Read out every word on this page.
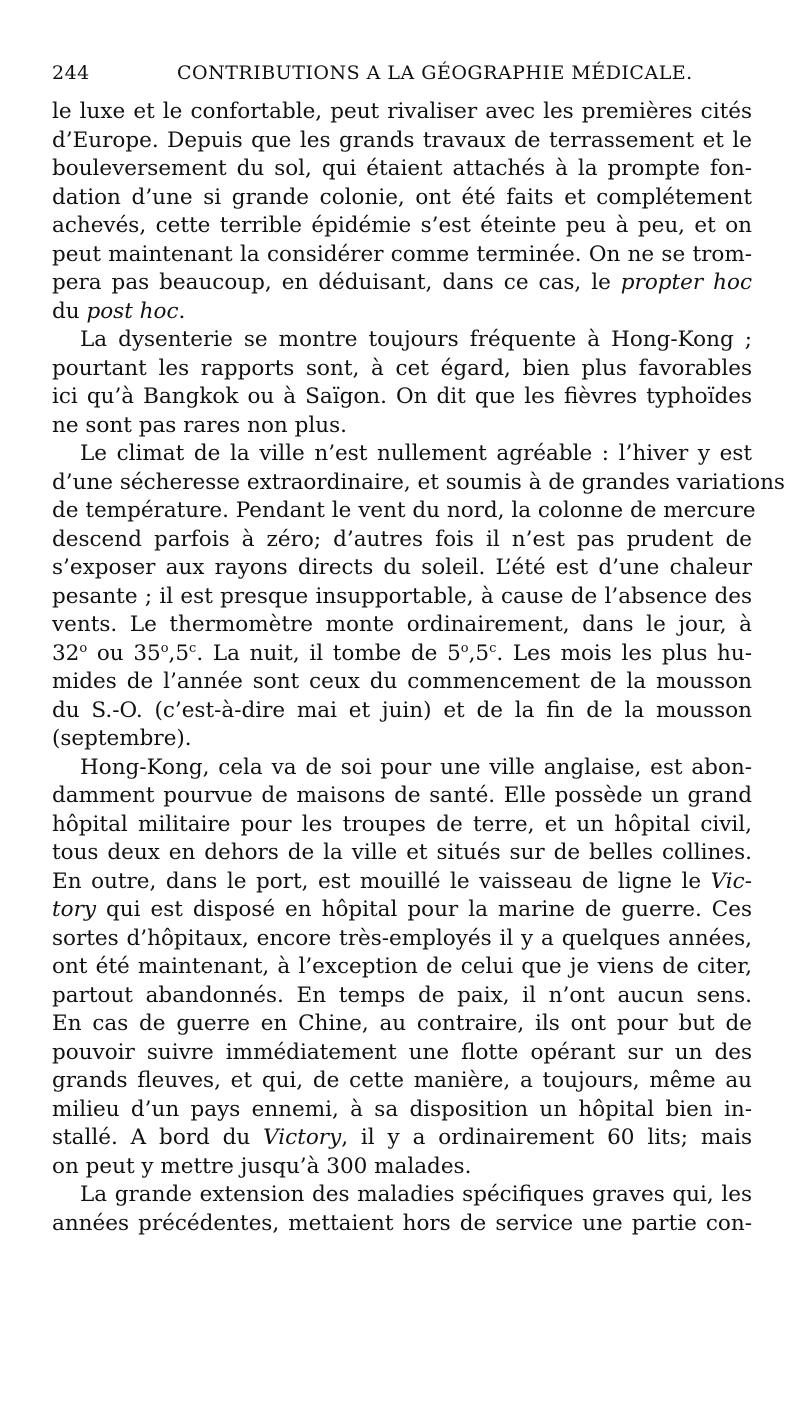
244	CONTRIBUTIONS A LA GÉOGRAPHIE MÉDICALE.
le luxe et le confortable, peut rivaliser avec les premières cités
d’Europe. Depuis que les grands travaux de terrassement et le
bouleversement du sol, qui étaient attachés à la prompte fon-
dation d’une si grande colonie, ont été faits et complétement
achevés, cette terrible épidémie s’est éteinte peu à peu, et on
peut maintenant la considérer comme terminée. On ne se trom-
pera pas beaucoup, en déduisant, dans ce cas, le propter hoc
du post hoc.
La dysenterie se montre toujours fréquente à Hong-Kong ;
pourtant les rapports sont, à cet égard, bien plus favorables
ici qu’à Bangkok ou à Saïgon. On dit que les fièvres typhoïdes
ne sont pas rares non plus.
Le climat de la ville n’est nullement agréable : l’hiver y est
d’une sécheresse extraordinaire, et soumis à de grandes variations
de température. Pendant le vent du nord, la colonne de mercure
descend parfois à zéro; d’autres fois il n’est pas prudent de
s’exposer aux rayons directs du soleil. L’été est d’une chaleur
pesante ; il est presque insupportable, à cause de l’absence des
vents. Le thermomètre monte ordinairement, dans le jour, à
32$^o$ ou 35$^o$,5$^c$. La nuit, il tombe de 5$^o$,5$^c$. Les mois les plus hu-
mides de l’année sont ceux du commencement de la mousson
du S.-O. (c’est-à-dire mai et juin) et de la fin de la mousson
(septembre).
Hong-Kong, cela va de soi pour une ville anglaise, est abon-
damment pourvue de maisons de santé. Elle possède un grand
hôpital militaire pour les troupes de terre, et un hôpital civil,
tous deux en dehors de la ville et situés sur de belles collines.
En outre, dans le port, est mouillé le vaisseau de ligne le Vic-
tory qui est disposé en hôpital pour la marine de guerre. Ces
sortes d’hôpitaux, encore très-employés il y a quelques années,
ont été maintenant, à l’exception de celui que je viens de citer,
partout abandonnés. En temps de paix, il n’ont aucun sens.
En cas de guerre en Chine, au contraire, ils ont pour but de
pouvoir suivre immédiatement une flotte opérant sur un des
grands fleuves, et qui, de cette manière, a toujours, même au
milieu d’un pays ennemi, à sa disposition un hôpital bien in-
stallé. A bord du Victory, il y a ordinairement 60 lits; mais
on peut y mettre jusqu’à 300 malades.
La grande extension des maladies spécifiques graves qui, les
années précédentes, mettaient hors de service une partie con-
